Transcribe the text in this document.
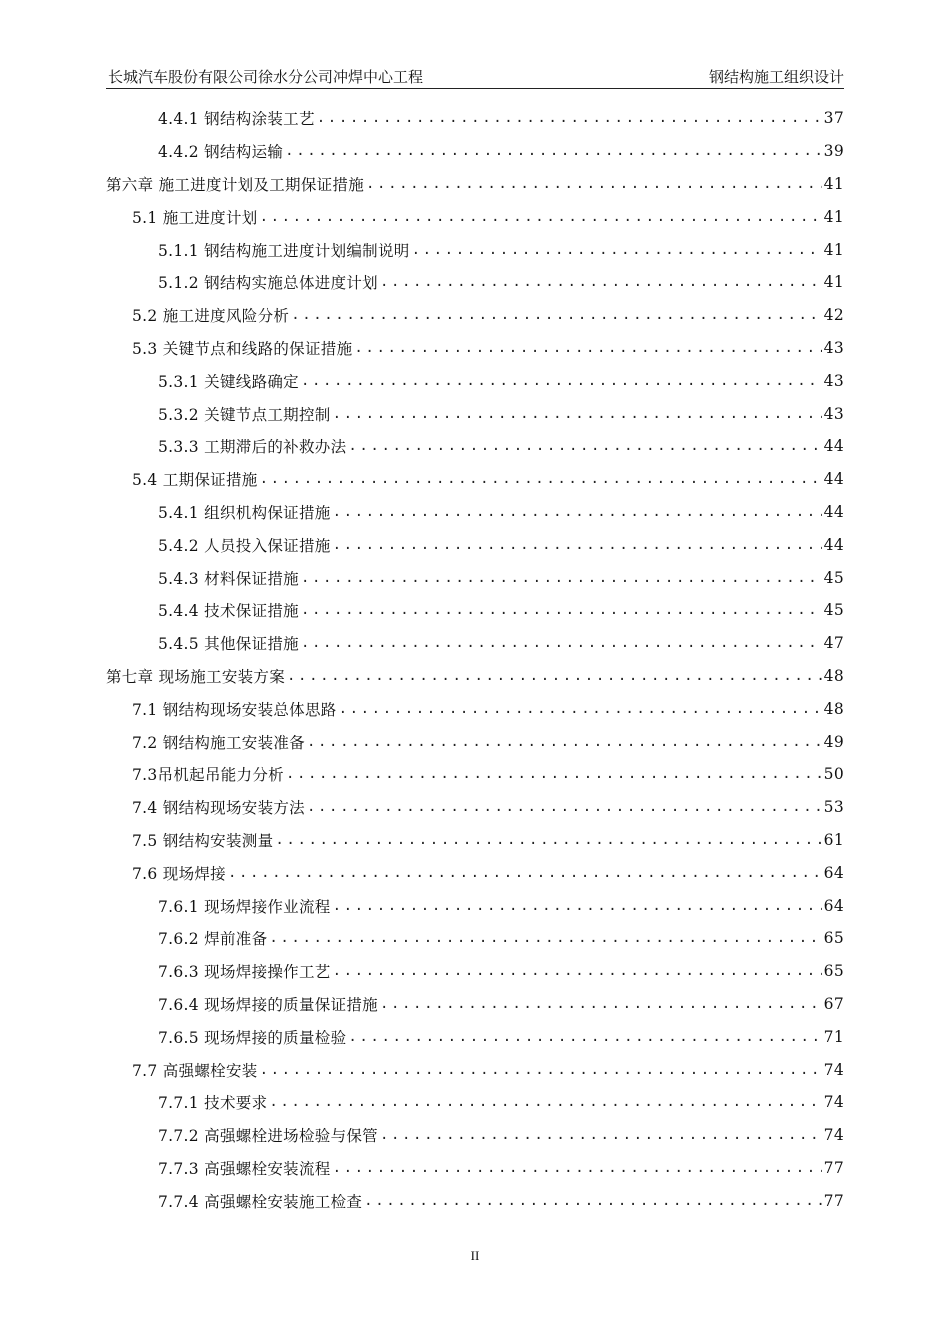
长城汽车股份有限公司徐水分公司冲焊中心工程	钢结构施工组织设计
4.4.1 钢结构涂装工艺 .....	37
4.4.2 钢结构运输 .....	39
第六章 施工进度计划及工期保证措施 .....	41
5.1 施工进度计划 .....	41
5.1.1 钢结构施工进度计划编制说明 .....	41
5.1.2 钢结构实施总体进度计划 .....	41
5.2 施工进度风险分析 .....	42
5.3 关键节点和线路的保证措施 .....	43
5.3.1 关键线路确定 .....	43
5.3.2 关键节点工期控制 .....	43
5.3.3 工期滞后的补救办法 .....	44
5.4 工期保证措施 .....	44
5.4.1 组织机构保证措施 .....	44
5.4.2 人员投入保证措施 .....	44
5.4.3 材料保证措施 .....	45
5.4.4 技术保证措施 .....	45
5.4.5 其他保证措施 .....	47
第七章 现场施工安装方案 .....	48
7.1 钢结构现场安装总体思路 .....	48
7.2 钢结构施工安装准备 .....	49
7.3吊机起吊能力分析 .....	50
7.4 钢结构现场安装方法 .....	53
7.5 钢结构安装测量 .....	61
7.6 现场焊接 .....	64
7.6.1 现场焊接作业流程 .....	64
7.6.2 焊前准备 .....	65
7.6.3 现场焊接操作工艺 .....	65
7.6.4 现场焊接的质量保证措施 .....	67
7.6.5 现场焊接的质量检验 .....	71
7.7 高强螺栓安装 .....	74
7.7.1 技术要求 .....	74
7.7.2 高强螺栓进场检验与保管 .....	74
7.7.3 高强螺栓安装流程 .....	77
7.7.4 高强螺栓安装施工检查 .....	77
II
